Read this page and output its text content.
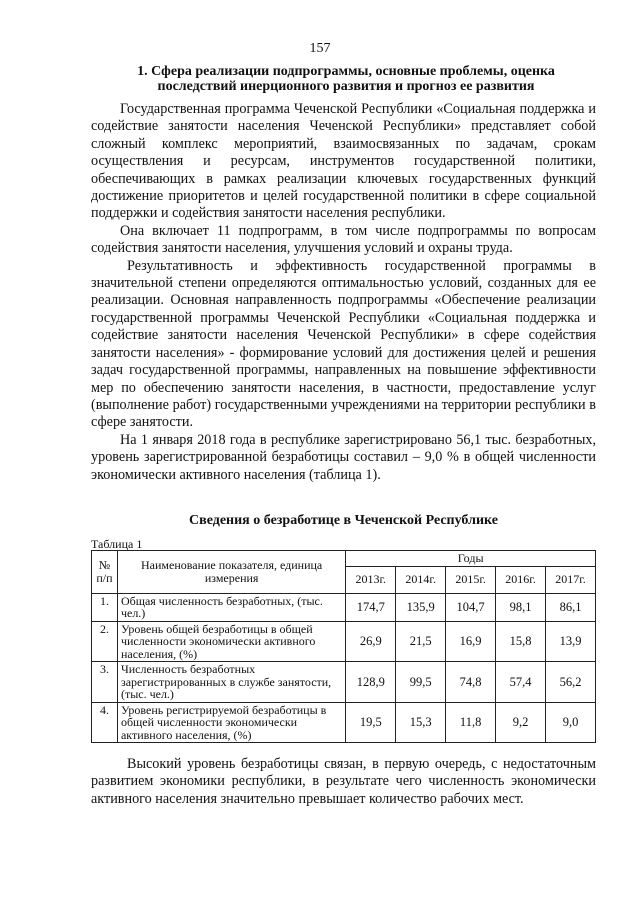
157
1. Сфера реализации подпрограммы, основные проблемы, оценка последствий инерционного развития и прогноз ее развития

Государственная программа Чеченской Республики «Социальная поддержка и содействие занятости населения Чеченской Республики» представляет собой сложный комплекс мероприятий, взаимосвязанных по задачам, срокам осуществления и ресурсам, инструментов государственной политики, обеспечивающих в рамках реализации ключевых государственных функций достижение приоритетов и целей государственной политики в сфере социальной поддержки и содействия занятости населения республики.

Она включает 11 подпрограмм, в том числе подпрограммы по вопросам содействия занятости населения, улучшения условий и охраны труда.

Результативность и эффективность государственной программы в значительной степени определяются оптимальностью условий, созданных для ее реализации. Основная направленность подпрограммы «Обеспечение реализации государственной программы Чеченской Республики «Социальная поддержка и содействие занятости населения Чеченской Республики» в сфере содействия занятости населения» - формирование условий для достижения целей и решения задач государственной программы, направленных на повышение эффективности мер по обеспечению занятости населения, в частности, предоставление услуг (выполнение работ) государственными учреждениями на территории республики в сфере занятости.

На 1 января 2018 года в республике зарегистрировано 56,1 тыс. безработных, уровень зарегистрированной безработицы составил – 9,0 % в общей численности экономически активного населения (таблица 1).

Сведения о безработице в Чеченской Республике
Таблица 1
№ п/п	Наименование показателя, единица измерения	Годы				
		2013г.	2014г.	2015г.	2016г.	2017г.
1.	Общая численность безработных, (тыс. чел.)	174,7	135,9	104,7	98,1	86,1
2.	Уровень общей безработицы в общей численности экономически активного населения, (%)	26,9	21,5	16,9	15,8	13,9
3.	Численность безработных зарегистрированных в службе занятости, (тыс. чел.)	128,9	99,5	74,8	57,4	56,2
4.	Уровень регистрируемой безработицы в общей численности экономически активного населения, (%)	19,5	15,3	11,8	9,2	9,0

Высокий уровень безработицы связан, в первую очередь, с недостаточным развитием экономики республики, в результате чего численность экономически активного населения значительно превышает количество рабочих мест.
